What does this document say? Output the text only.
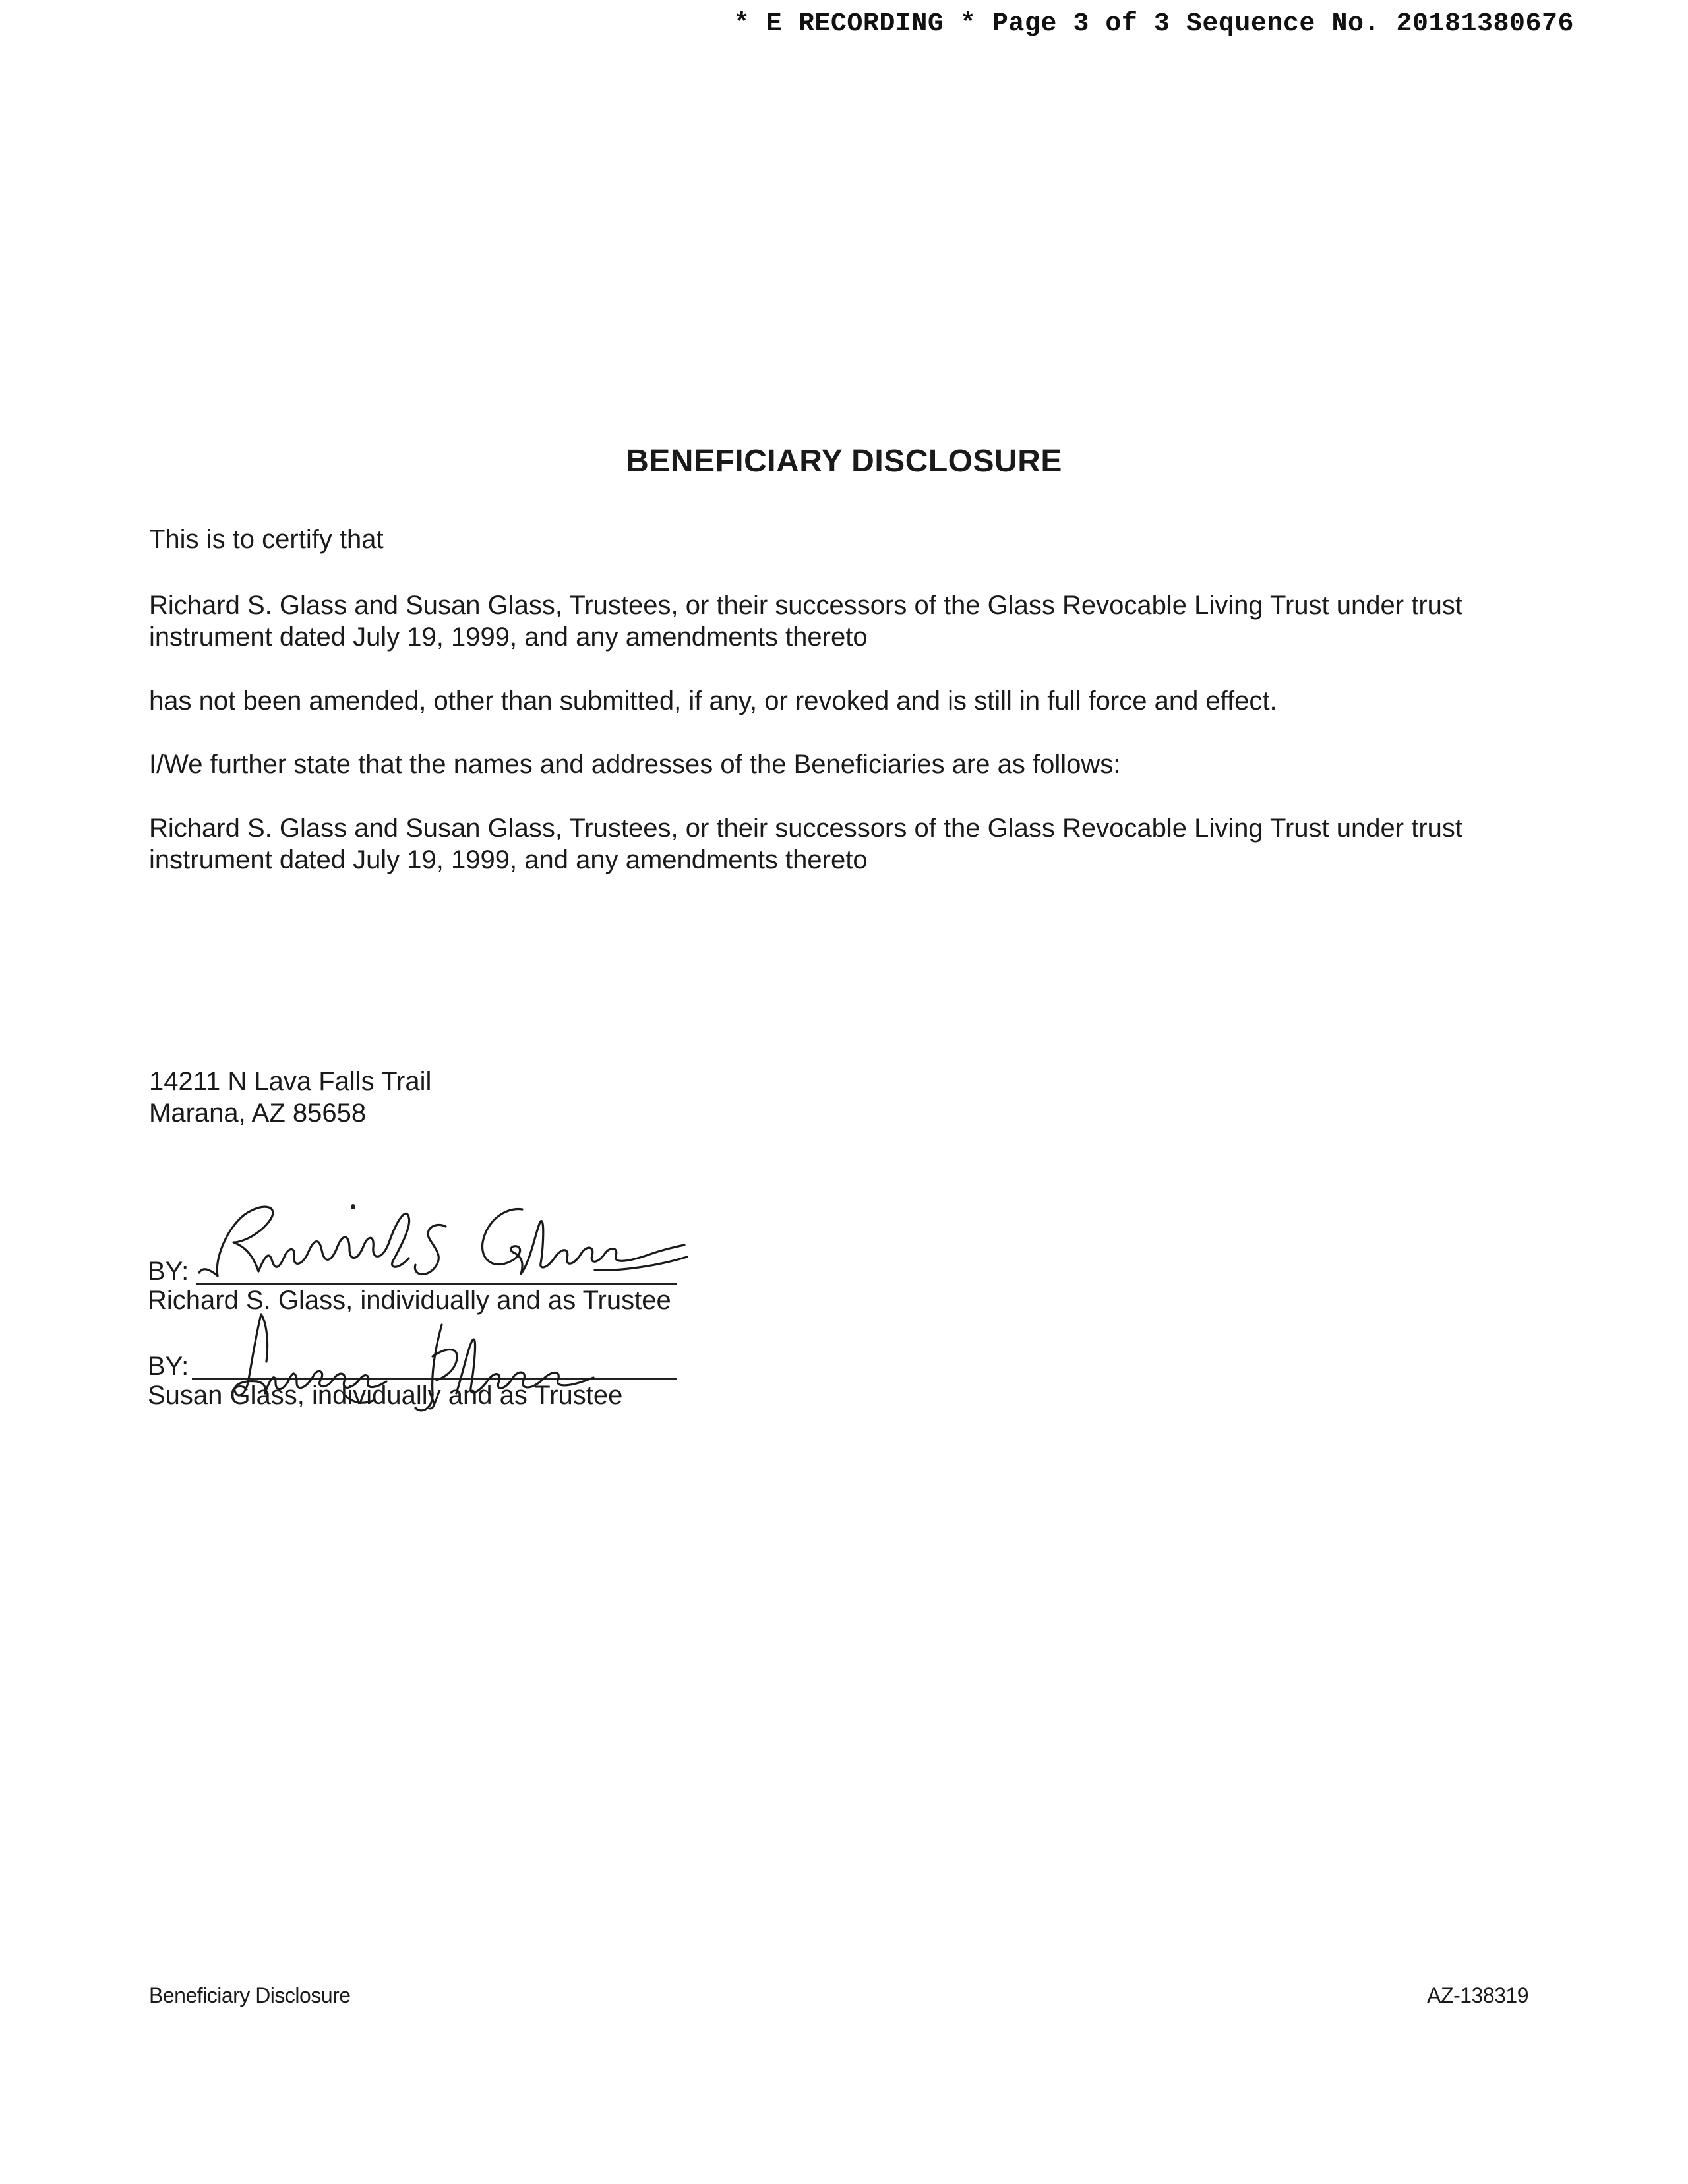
* E RECORDING * Page 3 of 3 Sequence No. 20181380676
BENEFICIARY DISCLOSURE
This is to certify that
Richard S. Glass and Susan Glass, Trustees, or their successors of the Glass Revocable Living Trust under trust instrument dated July 19, 1999, and any amendments thereto
has not been amended, other than submitted, if any, or revoked and is still in full force and effect.
I/We further state that the names and addresses of the Beneficiaries are as follows:
Richard S. Glass and Susan Glass, Trustees, or their successors of the Glass Revocable Living Trust under trust instrument dated July 19, 1999, and any amendments thereto
14211 N Lava Falls Trail
Marana, AZ 85658
BY:
Richard S. Glass, individually and as Trustee
BY:
Susan Glass, individually and as Trustee
Beneficiary Disclosure	AZ-138319
